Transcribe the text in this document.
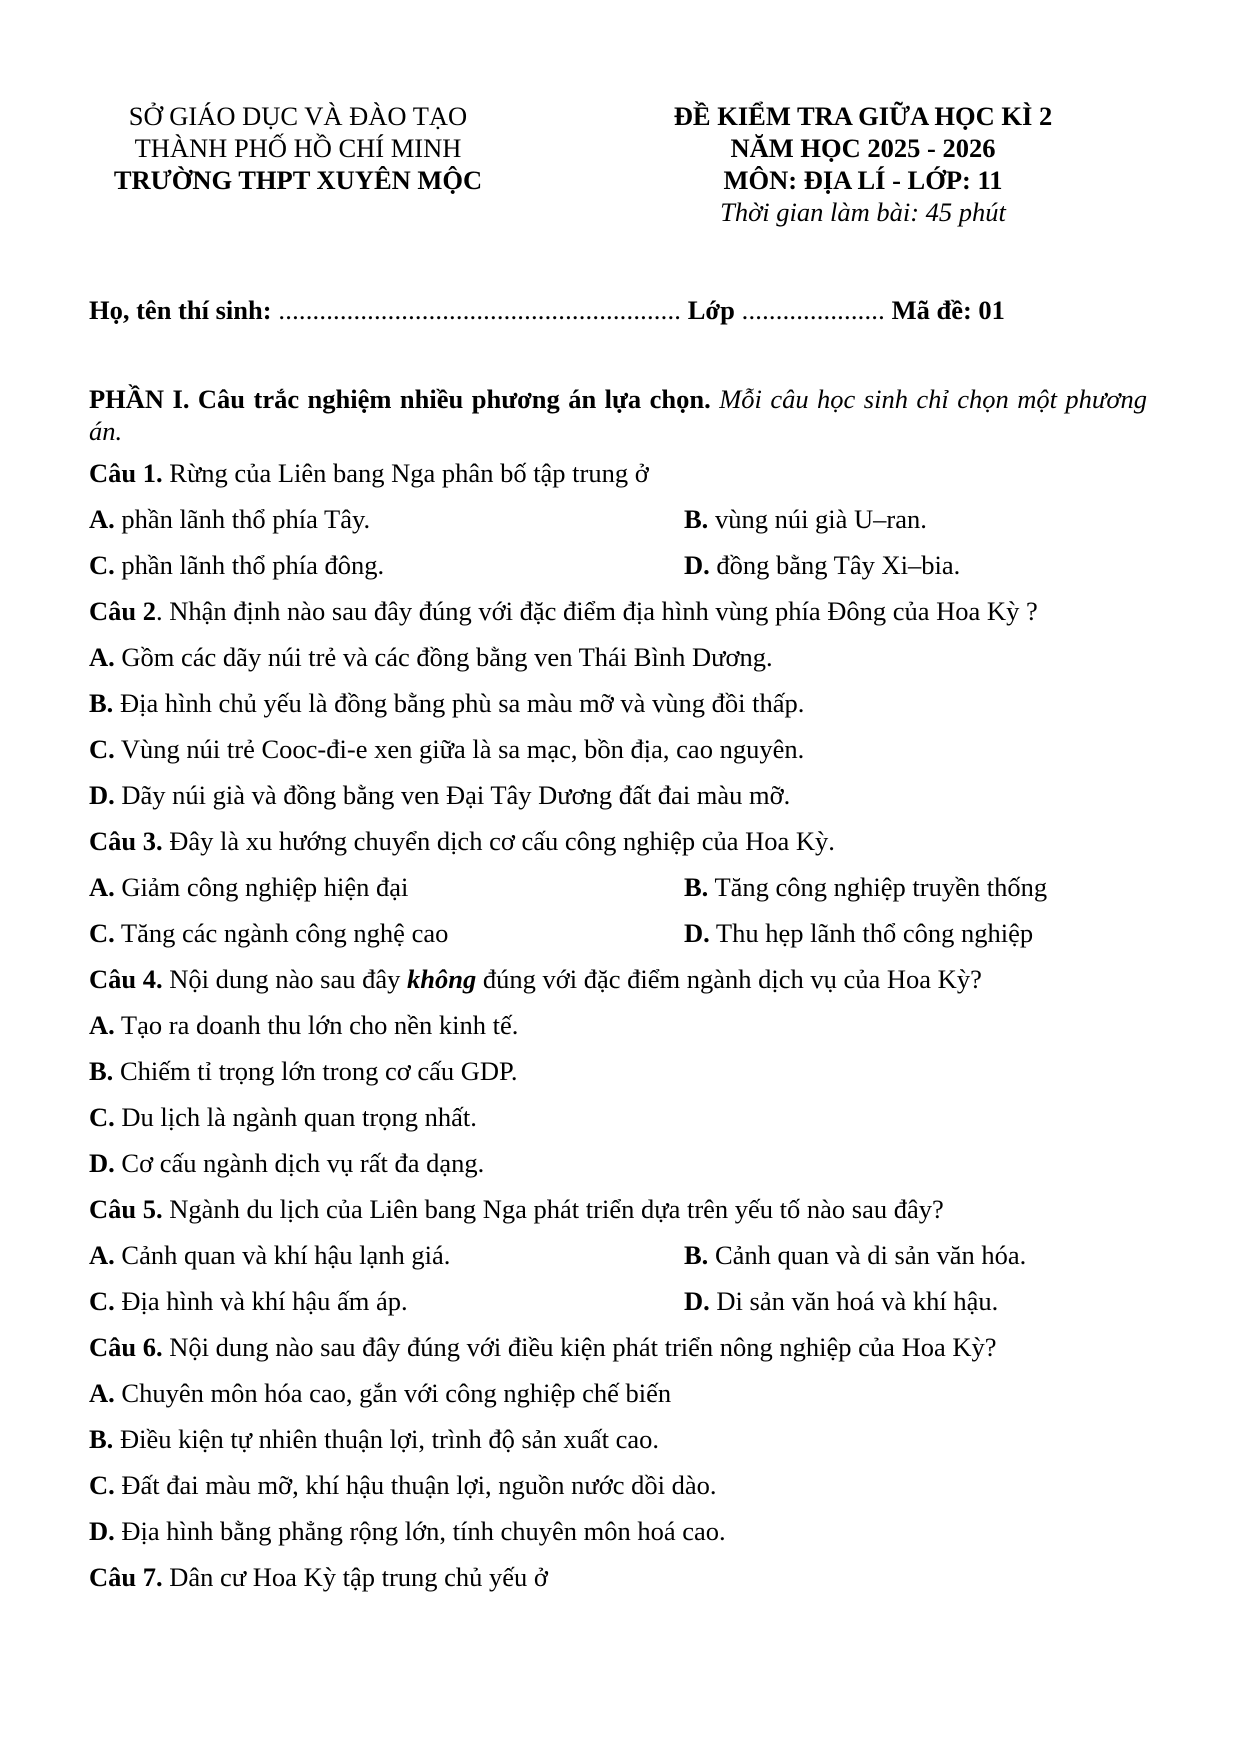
SỞ GIÁO DỤC VÀ ĐÀO TẠO
THÀNH PHỐ HỒ CHÍ MINH
TRƯỜNG THPT XUYÊN MỘC
ĐỀ KIỂM TRA GIỮA HỌC KÌ 2
NĂM HỌC 2025 - 2026
MÔN: ĐỊA LÍ - LỚP: 11
Thời gian làm bài: 45 phút
Họ, tên thí sinh: ........................................................... Lớp ..................... Mã đề: 01
PHẦN I. Câu trắc nghiệm nhiều phương án lựa chọn. Mỗi câu học sinh chỉ chọn một phương án.
Câu 1. Rừng của Liên bang Nga phân bố tập trung ở
A. phần lãnh thổ phía Tây.	B. vùng núi già U–ran.
C. phần lãnh thổ phía đông.	D. đồng bằng Tây Xi–bia.
Câu 2. Nhận định nào sau đây đúng với đặc điểm địa hình vùng phía Đông của Hoa Kỳ ?
A. Gồm các dãy núi trẻ và các đồng bằng ven Thái Bình Dương.
B. Địa hình chủ yếu là đồng bằng phù sa màu mỡ và vùng đồi thấp.
C. Vùng núi trẻ Cooc-đi-e xen giữa là sa mạc, bồn địa, cao nguyên.
D. Dãy núi già và đồng bằng ven Đại Tây Dương đất đai màu mỡ.
Câu 3. Đây là xu hướng chuyển dịch cơ cấu công nghiệp của Hoa Kỳ.
A. Giảm công nghiệp hiện đại	B. Tăng công nghiệp truyền thống
C. Tăng các ngành công nghệ cao	D. Thu hẹp lãnh thổ công nghiệp
Câu 4. Nội dung nào sau đây không đúng với đặc điểm ngành dịch vụ của Hoa Kỳ?
A. Tạo ra doanh thu lớn cho nền kinh tế.
B. Chiếm tỉ trọng lớn trong cơ cấu GDP.
C. Du lịch là ngành quan trọng nhất.
D. Cơ cấu ngành dịch vụ rất đa dạng.
Câu 5. Ngành du lịch của Liên bang Nga phát triển dựa trên yếu tố nào sau đây?
A. Cảnh quan và khí hậu lạnh giá.	B. Cảnh quan và di sản văn hóa.
C. Địa hình và khí hậu ấm áp.	D. Di sản văn hoá và khí hậu.
Câu 6. Nội dung nào sau đây đúng với điều kiện phát triển nông nghiệp của Hoa Kỳ?
A. Chuyên môn hóa cao, gắn với công nghiệp chế biến
B. Điều kiện tự nhiên thuận lợi, trình độ sản xuất cao.
C. Đất đai màu mỡ, khí hậu thuận lợi, nguồn nước dồi dào.
D. Địa hình bằng phẳng rộng lớn, tính chuyên môn hoá cao.
Câu 7. Dân cư Hoa Kỳ tập trung chủ yếu ở
